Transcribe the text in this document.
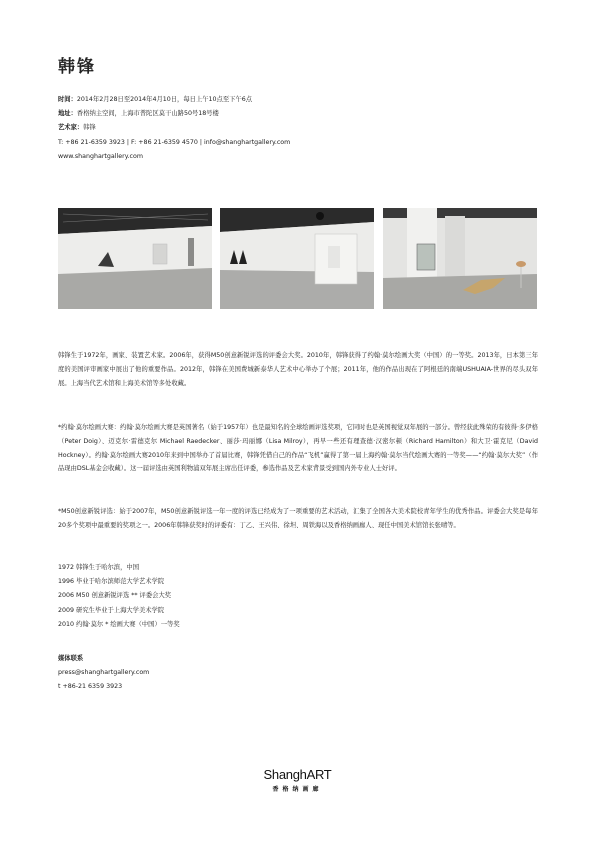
韩锋
时间：2014年2月28日至2014年4月10日，每日上午10点至下午6点
地址：香格纳主空间，上海市普陀区莫干山路50号18号楼
艺术家：韩锋
T: +86 21-6359 3923 | F: +86 21-6359 4570 | info@shanghartgallery.com
www.shanghartgallery.com
韩锋生于1972年，画家、装置艺术家。2006年，获得M50创意新锐评选的评委会大奖。2010年，韩锋获得了约翰·莫尔绘画大奖（中国）的一等奖。2013年，日本第三年度的美国评审画家中展出了他的重要作品。2012年，韩锋在美国费城新泰华人艺术中心举办了个展；2011年，他的作品出现在了阿根廷的南端USHUAIA-世界的尽头双年展。上海当代艺术馆和上海美术馆等多处收藏。
*约翰·莫尔绘画大赛：约翰·莫尔绘画大赛是英国著名（始于1957年）也是最知名的全球绘画评选奖项，它同时也是英国视觉双年展的一部分。曾经获此殊荣的有彼得·多伊格（Peter Doig）、迈克尔·雷德克尔 Michael Raedecker、丽莎·玛丽娜（Lisa Milroy），再早一些还有理查德·汉密尔顿（Richard Hamilton）和大卫·霍克尼（David Hockney）。约翰·莫尔绘画大赛2010年来到中国举办了首届比赛，韩锋凭借自己的作品“飞机”赢得了第一届上海约翰·莫尔当代绘画大赛的一等奖——“约翰·莫尔大奖”（作品现由DSL基金会收藏）。这一届评选由英国利物浦双年展主席出任评委，参选作品及艺术家背景受到国内外专业人士好评。
*M50创意新锐评选：始于2007年，M50创意新锐评选一年一度的评选已经成为了一项重要的艺术活动，汇集了全国各大美术院校青年学生的优秀作品。评委会大奖是每年20多个奖项中最重要的奖项之一。2006年韩锋获奖时的评委有：丁乙、王兴伟、徐坦、周铁海以及香格纳画廊人、现任中国美术馆馆长张晴等。
1972 韩锋生于哈尔滨，中国
1996 毕业于哈尔滨师范大学艺术学院
2006 M50 创意新锐评选 ** 评委会大奖
2009 研究生毕业于上海大学美术学院
2010 约翰·莫尔 * 绘画大赛（中国）一等奖
媒体联系
press@shanghartgallery.com
t +86-21 6359 3923
ShanghART
香格纳画廊
